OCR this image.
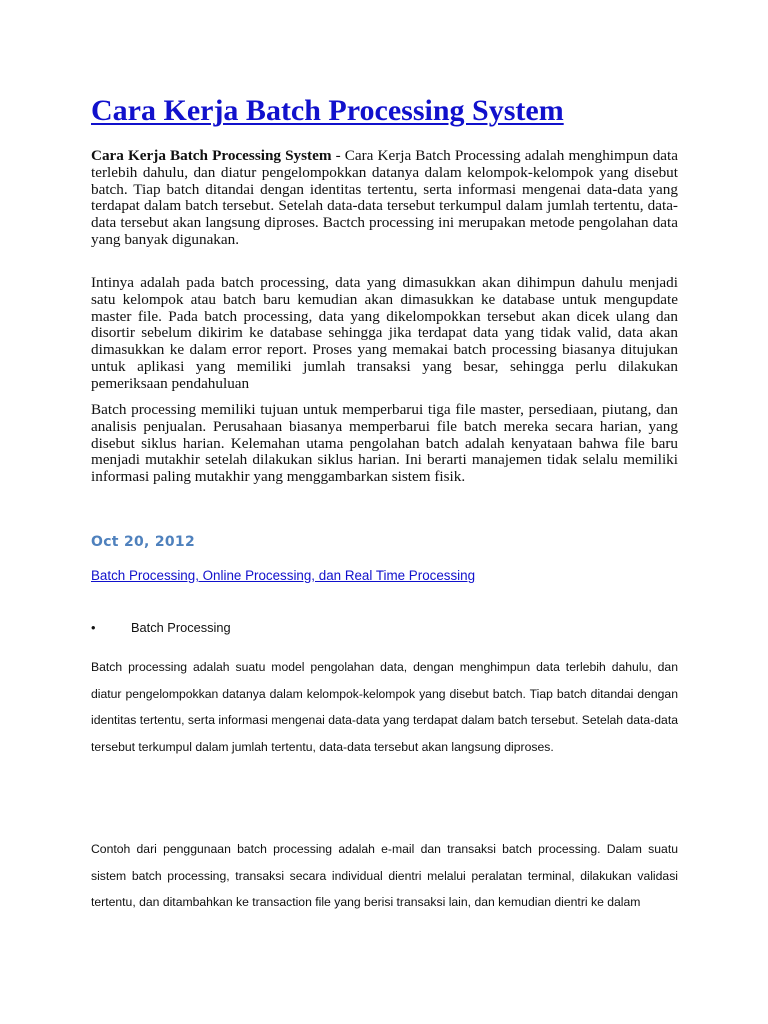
Cara Kerja Batch Processing System

Cara Kerja Batch Processing System - Cara Kerja Batch Processing adalah menghimpun data terlebih dahulu, dan diatur pengelompokkan datanya dalam kelompok-kelompok yang disebut batch. Tiap batch ditandai dengan identitas tertentu, serta informasi mengenai data-data yang terdapat dalam batch tersebut. Setelah data-data tersebut terkumpul dalam jumlah tertentu, data-data tersebut akan langsung diproses. Bactch processing ini merupakan metode pengolahan data yang banyak digunakan.

Intinya adalah pada batch processing, data yang dimasukkan akan dihimpun dahulu menjadi satu kelompok atau batch baru kemudian akan dimasukkan ke database untuk mengupdate master file. Pada batch processing, data yang dikelompokkan tersebut akan dicek ulang dan disortir sebelum dikirim ke database sehingga jika terdapat data yang tidak valid, data akan dimasukkan ke dalam error report. Proses yang memakai batch processing biasanya ditujukan untuk aplikasi yang memiliki jumlah transaksi yang besar, sehingga perlu dilakukan pemeriksaan pendahuluan

Batch processing memiliki tujuan untuk memperbarui tiga file master, persediaan, piutang, dan analisis penjualan. Perusahaan biasanya memperbarui file batch mereka secara harian, yang disebut siklus harian. Kelemahan utama pengolahan batch adalah kenyataan bahwa file baru menjadi mutakhir setelah dilakukan siklus harian. Ini berarti manajemen tidak selalu memiliki informasi paling mutakhir yang menggambarkan sistem fisik.

Oct 20, 2012
Batch Processing, Online Processing, dan Real Time Processing
•	Batch Processing

Batch processing adalah suatu model pengolahan data, dengan menghimpun data terlebih dahulu, dan diatur pengelompokkan datanya dalam kelompok-kelompok yang disebut batch. Tiap batch ditandai dengan identitas tertentu, serta informasi mengenai data-data yang terdapat dalam batch tersebut. Setelah data-data tersebut terkumpul dalam jumlah tertentu, data-data tersebut akan langsung diproses.

Contoh dari penggunaan batch processing adalah e-mail dan transaksi batch processing. Dalam suatu sistem batch processing, transaksi secara individual dientri melalui peralatan terminal, dilakukan validasi tertentu, dan ditambahkan ke transaction file yang berisi transaksi lain, dan kemudian dientri ke dalam
